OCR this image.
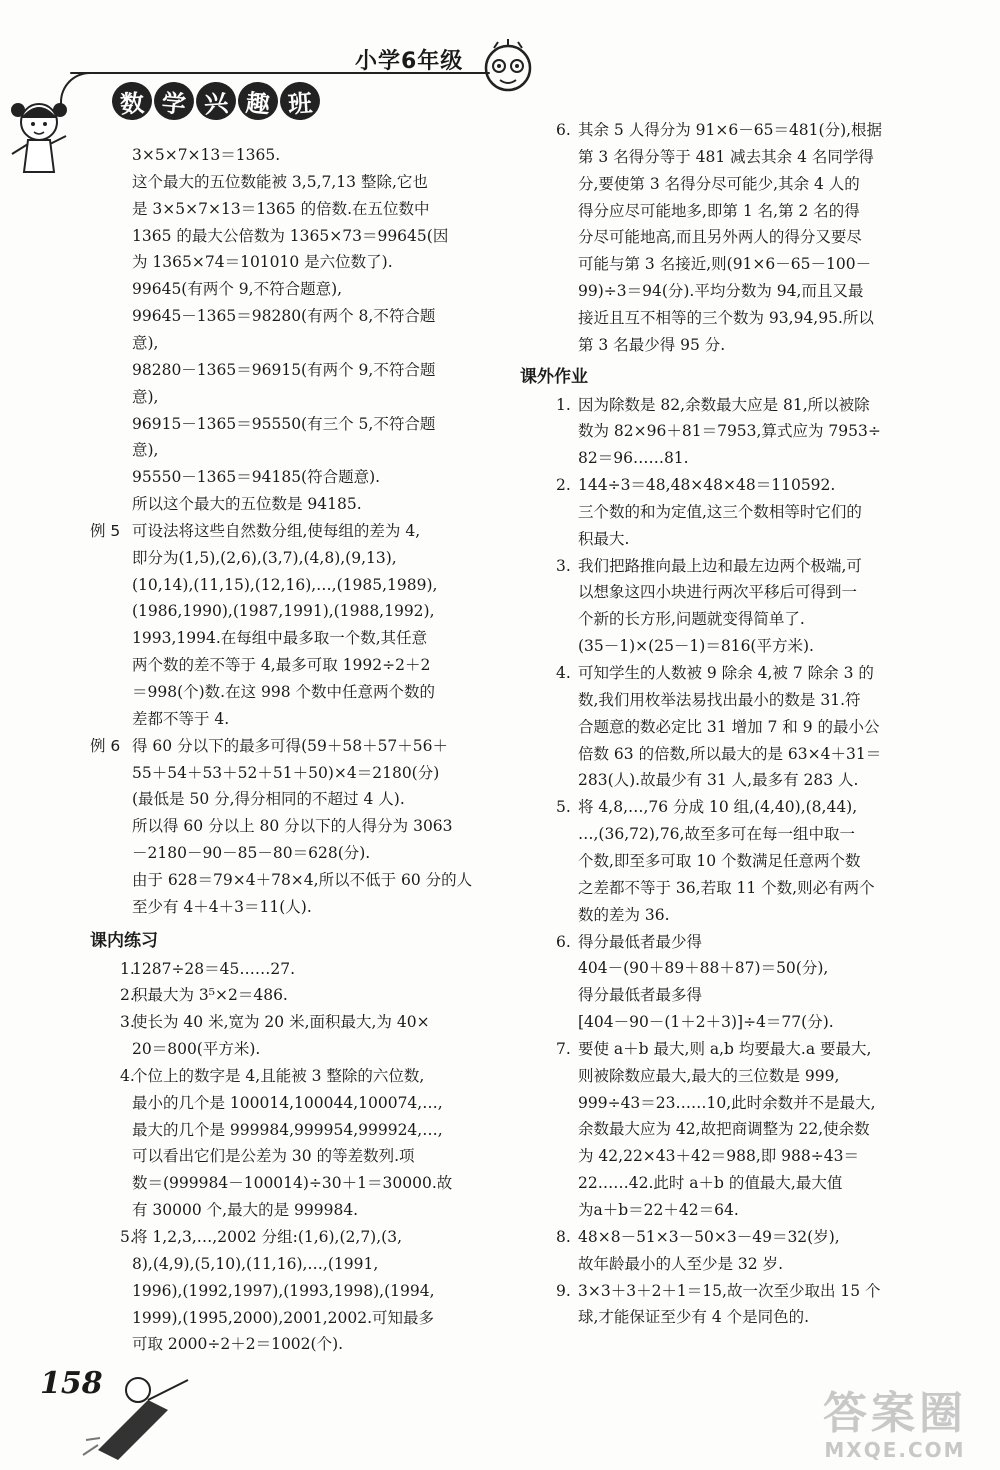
小学6年级
数 学 兴 趣 班
158
答案圈
MXQE.COM
3×5×7×13＝1365.
这个最大的五位数能被 3,5,7,13 整除,它也
是 3×5×7×13＝1365 的倍数.在五位数中
1365 的最大公倍数为 1365×73＝99645(因
为 1365×74＝101010 是六位数了).
99645(有两个 9,不符合题意),
99645－1365＝98280(有两个 8,不符合题
意),
98280－1365＝96915(有两个 9,不符合题
意),
96915－1365＝95550(有三个 5,不符合题
意),
95550－1365＝94185(符合题意).
所以这个最大的五位数是 94185.
例 5 可设法将这些自然数分组,使每组的差为 4,
即分为(1,5),(2,6),(3,7),(4,8),(9,13),
(10,14),(11,15),(12,16),…,(1985,1989),
(1986,1990),(1987,1991),(1988,1992),
1993,1994.在每组中最多取一个数,其任意
两个数的差不等于 4,最多可取 1992÷2＋2
＝998(个)数.在这 998 个数中任意两个数的
差都不等于 4.
例 6 得 60 分以下的最多可得(59＋58＋57＋56＋
55＋54＋53＋52＋51＋50)×4＝2180(分)
(最低是 50 分,得分相同的不超过 4 人).
所以得 60 分以上 80 分以下的人得分为 3063
－2180－90－85－80＝628(分).
由于 628＝79×4＋78×4,所以不低于 60 分的人
至少有 4＋4＋3＝11(人).
课内练习
1.
1287÷28＝45……27.
2.
积最大为 3⁵×2＝486.
3.
使长为 40 米,宽为 20 米,面积最大,为 40×
20＝800(平方米).
4.
个位上的数字是 4,且能被 3 整除的六位数,
最小的几个是 100014,100044,100074,…,
最大的几个是 999984,999954,999924,…,
可以看出它们是公差为 30 的等差数列.项
数＝(999984－100014)÷30＋1＝30000.故
有 30000 个,最大的是 999984.
5.
将 1,2,3,…,2002 分组:(1,6),(2,7),(3,
8),(4,9),(5,10),(11,16),…,(1991,
1996),(1992,1997),(1993,1998),(1994,
1999),(1995,2000),2001,2002.可知最多
可取 2000÷2＋2＝1002(个).
6. 其余 5 人得分为 91×6－65＝481(分),根据
第 3 名得分等于 481 减去其余 4 名同学得
分,要使第 3 名得分尽可能少,其余 4 人的
得分应尽可能地多,即第 1 名,第 2 名的得
分尽可能地高,而且另外两人的得分又要尽
可能与第 3 名接近,则(91×6－65－100－
99)÷3＝94(分).平均分数为 94,而且又最
接近且互不相等的三个数为 93,94,95.所以
第 3 名最少得 95 分.
课外作业
1. 因为除数是 82,余数最大应是 81,所以被除
数为 82×96＋81＝7953,算式应为 7953÷
82＝96……81.
2. 144÷3＝48,48×48×48＝110592.
三个数的和为定值,这三个数相等时它们的
积最大.
3. 我们把路推向最上边和最左边两个极端,可
以想象这四小块进行两次平移后可得到一
个新的长方形,问题就变得简单了.
(35－1)×(25－1)＝816(平方米).
4. 可知学生的人数被 9 除余 4,被 7 除余 3 的
数,我们用枚举法易找出最小的数是 31.符
合题意的数必定比 31 增加 7 和 9 的最小公
倍数 63 的倍数,所以最大的是 63×4＋31＝
283(人).故最少有 31 人,最多有 283 人.
5. 将 4,8,…,76 分成 10 组,(4,40),(8,44),
…,(36,72),76,故至多可在每一组中取一
个数,即至多可取 10 个数满足任意两个数
之差都不等于 36,若取 11 个数,则必有两个
数的差为 36.
6. 得分最低者最少得
404－(90＋89＋88＋87)＝50(分),
得分最低者最多得
[404－90－(1＋2＋3)]÷4＝77(分).
7. 要使 a＋b 最大,则 a,b 均要最大.a 要最大,
则被除数应最大,最大的三位数是 999,
999÷43＝23……10,此时余数并不是最大,
余数最大应为 42,故把商调整为 22,使余数
为 42,22×43＋42＝988,即 988÷43＝
22……42.此时 a＋b 的值最大,最大值
为a＋b＝22＋42＝64.
8. 48×8－51×3－50×3－49＝32(岁),
故年龄最小的人至少是 32 岁.
9. 3×3＋3＋2＋1＝15,故一次至少取出 15 个
球,才能保证至少有 4 个是同色的.
